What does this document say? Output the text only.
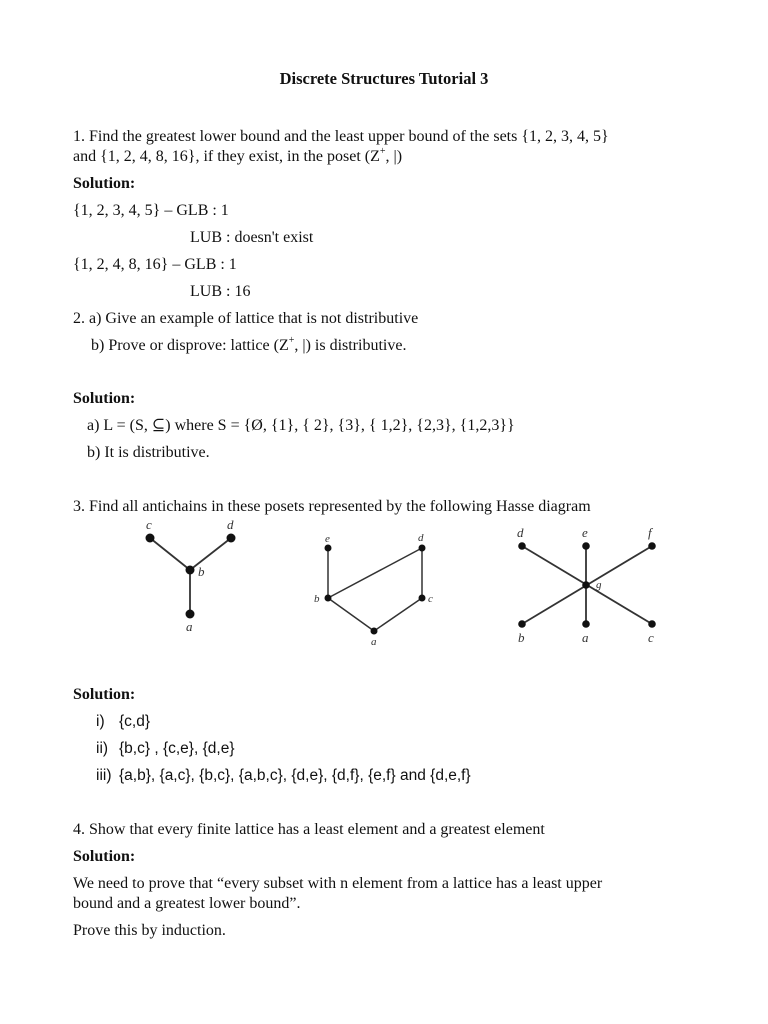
Discrete Structures Tutorial 3
1. Find the greatest lower bound and the least upper bound of the sets {1, 2, 3, 4, 5}
and {1, 2, 4, 8, 16}, if they exist, in the poset (Z+, |)
Solution:
{1, 2, 3, 4, 5} – GLB : 1
LUB : doesn't exist
{1, 2, 4, 8, 16} – GLB : 1
LUB : 16
2. a) Give an example of lattice that is not distributive
b) Prove or disprove: lattice (Z+, |) is distributive.
Solution:
a) L = (S, ⊆) where S = {Ø, {1}, { 2}, {3}, { 1,2}, {2,3}, {1,2,3}}
b) It is distributive.
3. Find all antichains in these posets represented by the following Hasse diagram
c	d
b
a
e	d
b	c
a
d	e	f
g
b	a	c
Solution:
i) {c,d}
ii) {b,c} , {c,e}, {d,e}
iii) {a,b}, {a,c}, {b,c}, {a,b,c}, {d,e}, {d,f}, {e,f} and {d,e,f}
4. Show that every finite lattice has a least element and a greatest element
Solution:
We need to prove that “every subset with n element from a lattice has a least upper
bound and a greatest lower bound”.
Prove this by induction.
